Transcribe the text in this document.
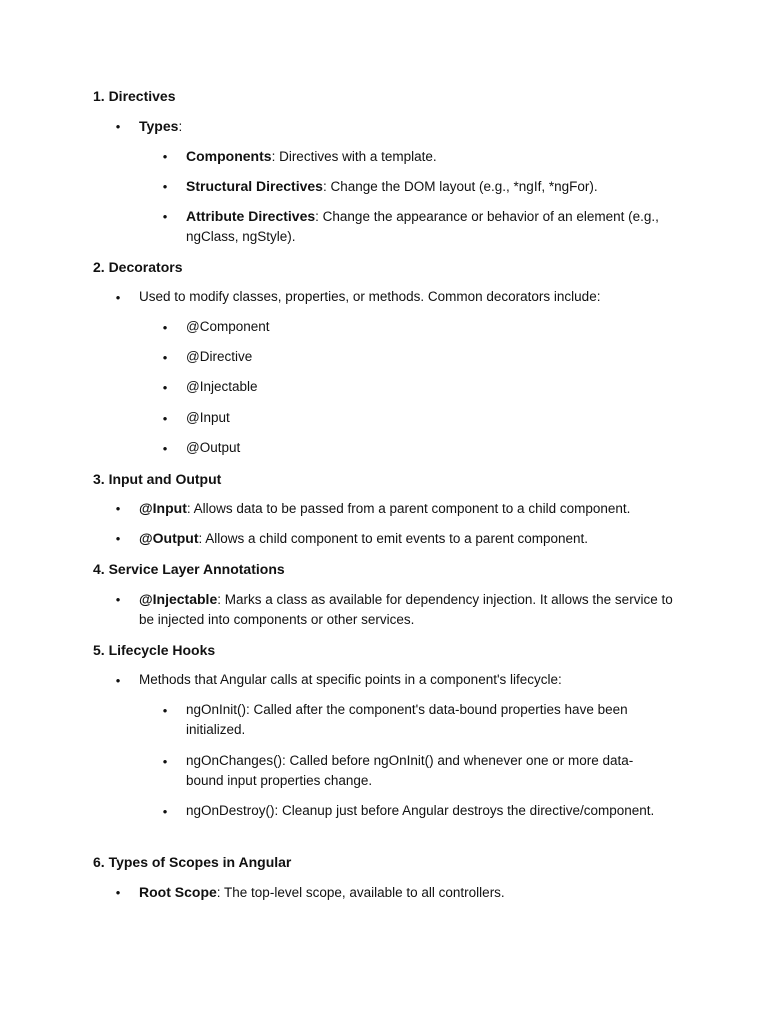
1. Directives
• Types:
• Components: Directives with a template.
• Structural Directives: Change the DOM layout (e.g., *ngIf, *ngFor).
• Attribute Directives: Change the appearance or behavior of an element (e.g., ngClass, ngStyle).
2. Decorators
• Used to modify classes, properties, or methods. Common decorators include:
• @Component
• @Directive
• @Injectable
• @Input
• @Output
3. Input and Output
• @Input: Allows data to be passed from a parent component to a child component.
• @Output: Allows a child component to emit events to a parent component.
4. Service Layer Annotations
• @Injectable: Marks a class as available for dependency injection. It allows the service to be injected into components or other services.
5. Lifecycle Hooks
• Methods that Angular calls at specific points in a component's lifecycle:
• ngOnInit(): Called after the component's data-bound properties have been initialized.
• ngOnChanges(): Called before ngOnInit() and whenever one or more data-bound input properties change.
• ngOnDestroy(): Cleanup just before Angular destroys the directive/component.
6. Types of Scopes in Angular
• Root Scope: The top-level scope, available to all controllers.
